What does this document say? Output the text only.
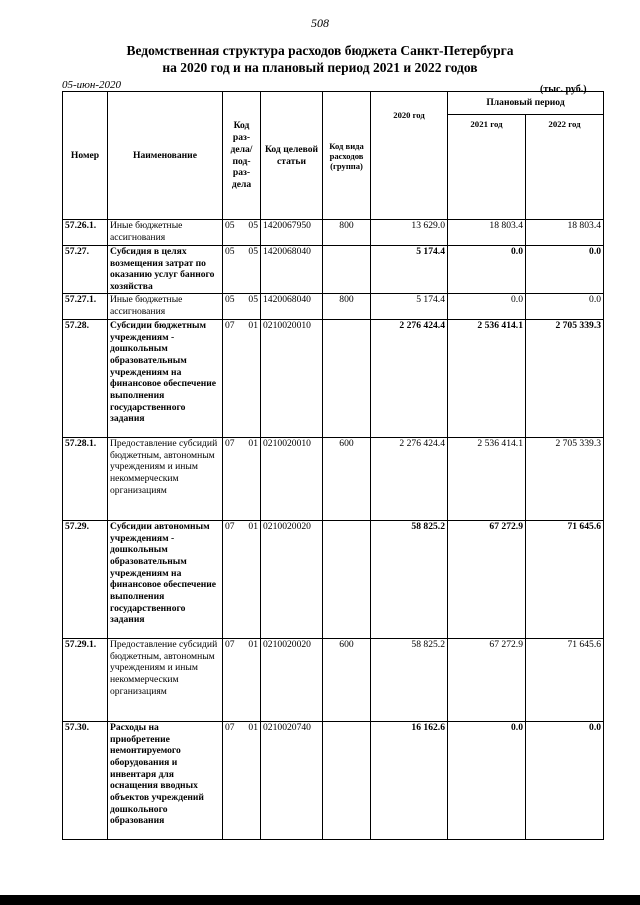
508
Ведомственная структура расходов бюджета Санкт-Петербурга
на 2020 год и на плановый период 2021 и 2022 годов
05-июн-2020	(тыс. руб.)
Номер	Наименование	Код раз-дела/ под-раз-дела	Код целевой статьи	Код вида расходов (группа)	2020 год	Плановый период	
						2021 год	2022 год
57.26.1.	Иные бюджетные ассигнования	05 05	1420067950	800	13 629.0	18 803.4	18 803.4
57.27.	Субсидия в целях возмещения затрат по оказанию услуг банного хозяйства	05 05	1420068040		5 174.4	0.0	0.0
57.27.1.	Иные бюджетные ассигнования	05 05	1420068040	800	5 174.4	0.0	0.0
57.28.	Субсидии бюджетным учреждениям - дошкольным образовательным учреждениям на финансовое обеспечение выполнения государственного задания	07 01	0210020010		2 276 424.4	2 536 414.1	2 705 339.3
57.28.1.	Предоставление субсидий бюджетным, автономным учреждениям и иным некоммерческим организациям	07 01	0210020010	600	2 276 424.4	2 536 414.1	2 705 339.3
57.29.	Субсидии автономным учреждениям - дошкольным образовательным учреждениям на финансовое обеспечение выполнения государственного задания	07 01	0210020020		58 825.2	67 272.9	71 645.6
57.29.1.	Предоставление субсидий бюджетным, автономным учреждениям и иным некоммерческим организациям	07 01	0210020020	600	58 825.2	67 272.9	71 645.6
57.30.	Расходы на приобретение немонтируемого оборудования и инвентаря для оснащения вводных объектов учреждений дошкольного образования	07 01	0210020740		16 162.6	0.0	0.0
